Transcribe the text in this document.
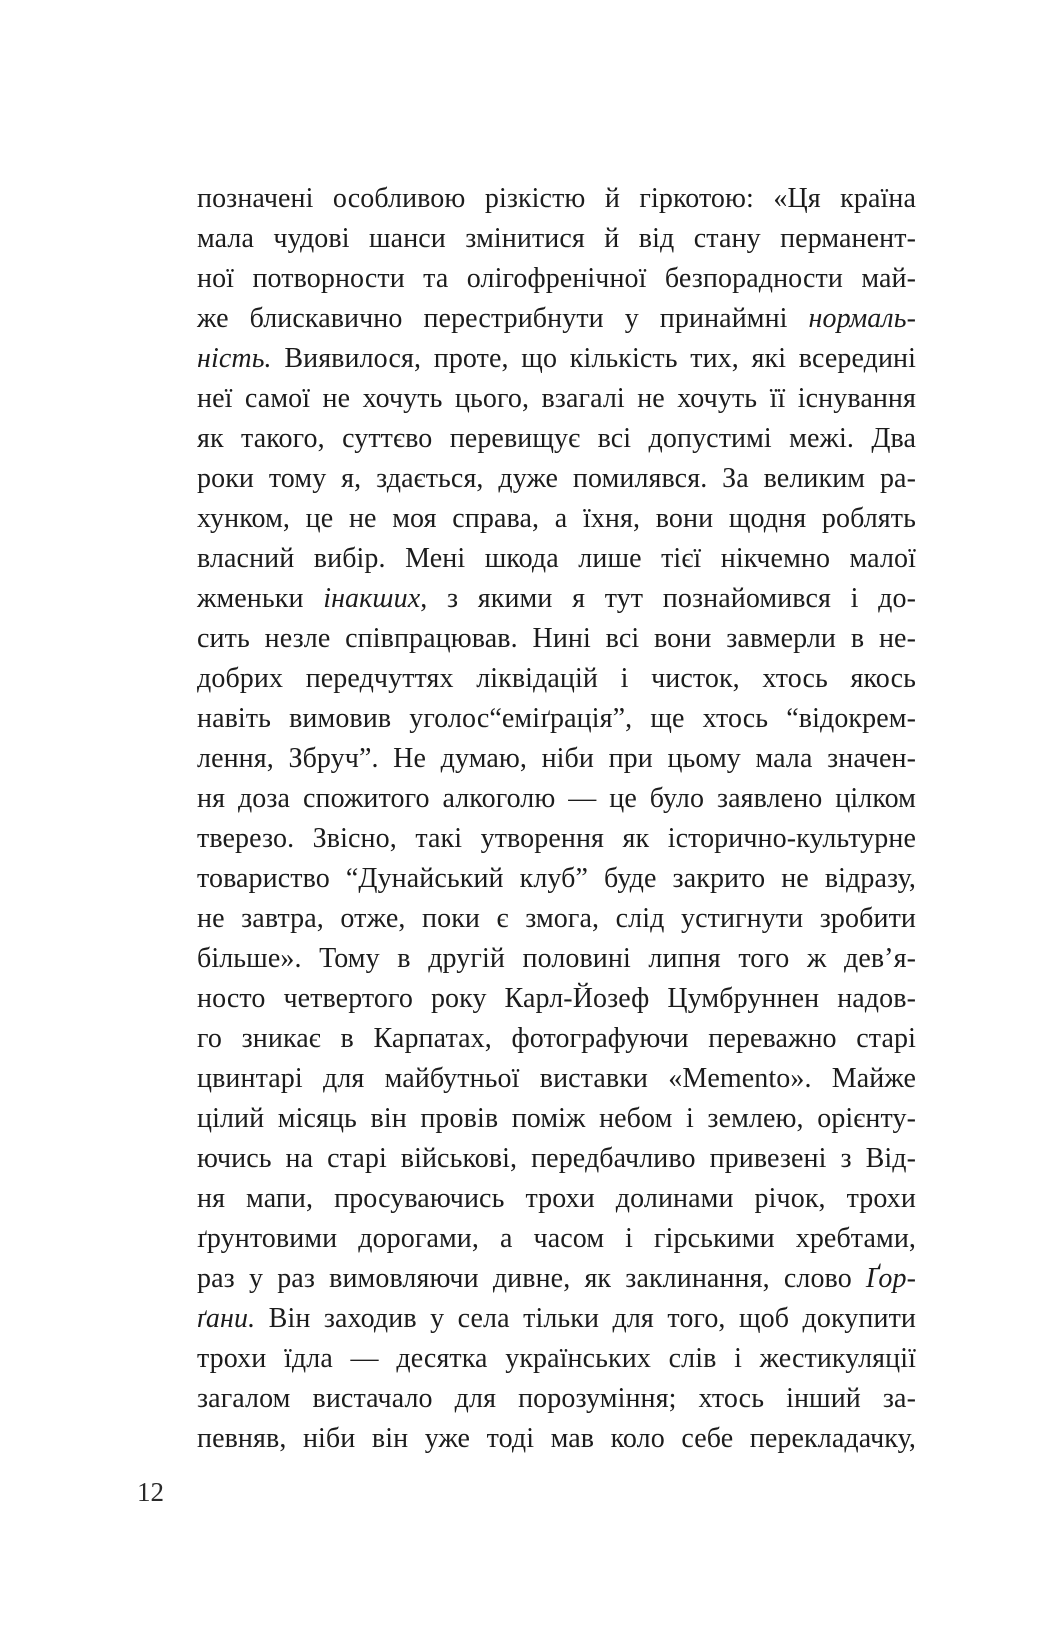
позначені особливою різкістю й гіркотою: «Ця країна
мала чудові шанси змінитися й від стану перманент-
ної потворности та олігофренічної безпорадности май-
же блискавично перестрибнути у принаймні нормаль-
ність. Виявилося, проте, що кількість тих, які всередині
неї самої не хочуть цього, взагалі не хочуть її існування
як такого, суттєво перевищує всі допустимі межі. Два
роки тому я, здається, дуже помилявся. За великим ра-
хунком, це не моя справа, а їхня, вони щодня роблять
власний вибір. Мені шкода лише тієї нікчемно малої
жменьки інакших, з якими я тут познайомився і до-
сить незле співпрацював. Нині всі вони завмерли в не-
добрих передчуттях ліквідацій і чисток, хтось якось
навіть вимовив уголос“еміґрація”, ще хтось “відокрем-
лення, Збруч”. Не думаю, ніби при цьому мала значен-
ня доза спожитого алкоголю — це було заявлено цілком
тверезо. Звісно, такі утворення як історично-культурне
товариство “Дунайський клуб” буде закрито не відразу,
не завтра, отже, поки є змога, слід устигнути зробити
більше». Тому в другій половині липня того ж дев’я-
носто четвертого року Карл-Йозеф Цумбруннен надов-
го зникає в Карпатах, фотографуючи переважно старі
цвинтарі для майбутньої виставки «Memento». Майже
цілий місяць він провів поміж небом і землею, орієнту-
ючись на старі військові, передбачливо привезені з Від-
ня мапи, просуваючись трохи долинами річок, трохи
ґрунтовими дорогами, а часом і гірськими хребтами,
раз у раз вимовляючи дивне, як заклинання, слово Ґор-
ґани. Він заходив у села тільки для того, щоб докупити
трохи їдла — десятка українських слів і жестикуляції
загалом вистачало для порозуміння; хтось інший за-
певняв, ніби він уже тоді мав коло себе перекладачку,
12
